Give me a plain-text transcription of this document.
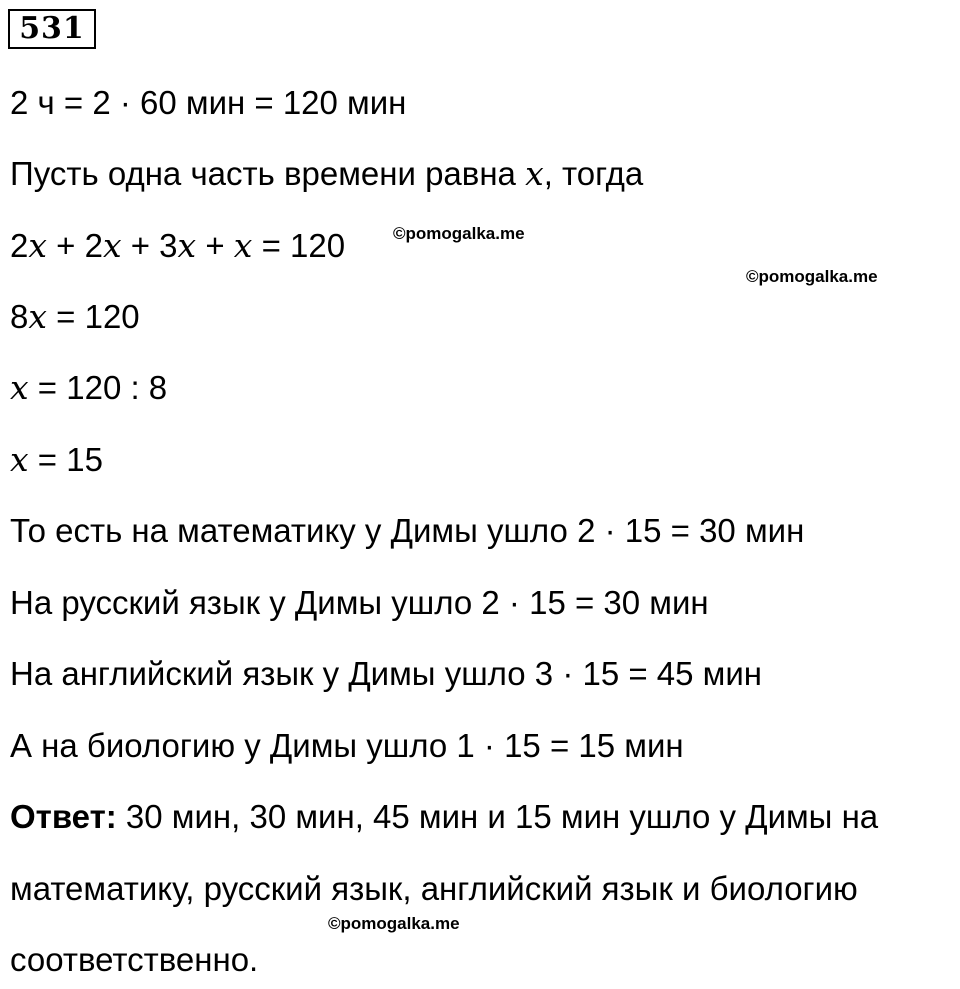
531
2 ч = 2 · 60 мин = 120 мин
Пусть одна часть времени равна x, тогда
2x + 2x + 3x + x = 120	©pomogalka.me
©pomogalka.me
8x = 120
x = 120 : 8
x = 15
То есть на математику у Димы ушло 2 · 15 = 30 мин
На русский язык у Димы ушло 2 · 15 = 30 мин
На английский язык у Димы ушло 3 · 15 = 45 мин
А на биологию у Димы ушло 1 · 15 = 15 мин
Ответ: 30 мин, 30 мин, 45 мин и 15 мин ушло у Димы на
математику, русский язык, английский язык и биологию
©pomogalka.me
соответственно.
